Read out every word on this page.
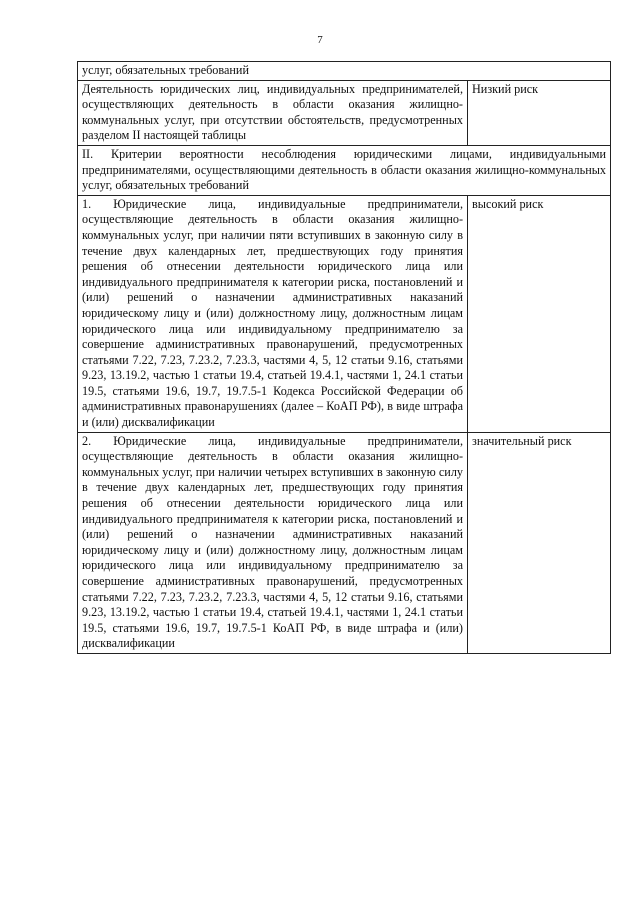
7
услуг, обязательных требований	
Деятельность юридических лиц, индивидуальных предпринимателей, осуществляющих деятельность в области оказания жилищно-коммунальных услуг, при отсутствии обстоятельств, предусмотренных разделом II настоящей таблицы	Низкий риск
II. Критерии вероятности несоблюдения юридическими лицами, индивидуальными предпринимателями, осуществляющими деятельность в области оказания жилищно-коммунальных услуг, обязательных требований	
1. Юридические лица, индивидуальные предприниматели, осуществляющие деятельность в области оказания жилищно-коммунальных услуг, при наличии пяти вступивших в законную силу в течение двух календарных лет, предшествующих году принятия решения об отнесении деятельности юридического лица или индивидуального предпринимателя к категории риска, постановлений и (или) решений о назначении административных наказаний юридическому лицу и (или) должностному лицу, должностным лицам юридического лица или индивидуальному предпринимателю за совершение административных правонарушений, предусмотренных статьями 7.22, 7.23, 7.23.2, 7.23.3, частями 4, 5, 12 статьи 9.16, статьями 9.23, 13.19.2, частью 1 статьи 19.4, статьей 19.4.1, частями 1, 24.1 статьи 19.5, статьями 19.6, 19.7, 19.7.5-1 Кодекса Российской Федерации об административных правонарушениях (далее – КоАП РФ), в виде штрафа и (или) дисквалификации	высокий риск
2. Юридические лица, индивидуальные предприниматели, осуществляющие деятельность в области оказания жилищно-коммунальных услуг, при наличии четырех вступивших в законную силу в течение двух календарных лет, предшествующих году принятия решения об отнесении деятельности юридического лица или индивидуального предпринимателя к категории риска, постановлений и (или) решений о назначении административных наказаний юридическому лицу и (или) должностному лицу, должностным лицам юридического лица или индивидуальному предпринимателю за совершение административных правонарушений, предусмотренных статьями 7.22, 7.23, 7.23.2, 7.23.3, частями 4, 5, 12 статьи 9.16, статьями 9.23, 13.19.2, частью 1 статьи 19.4, статьей 19.4.1, частями 1, 24.1 статьи 19.5, статьями 19.6, 19.7, 19.7.5-1 КоАП РФ, в виде штрафа и (или) дисквалификации	значительный риск
